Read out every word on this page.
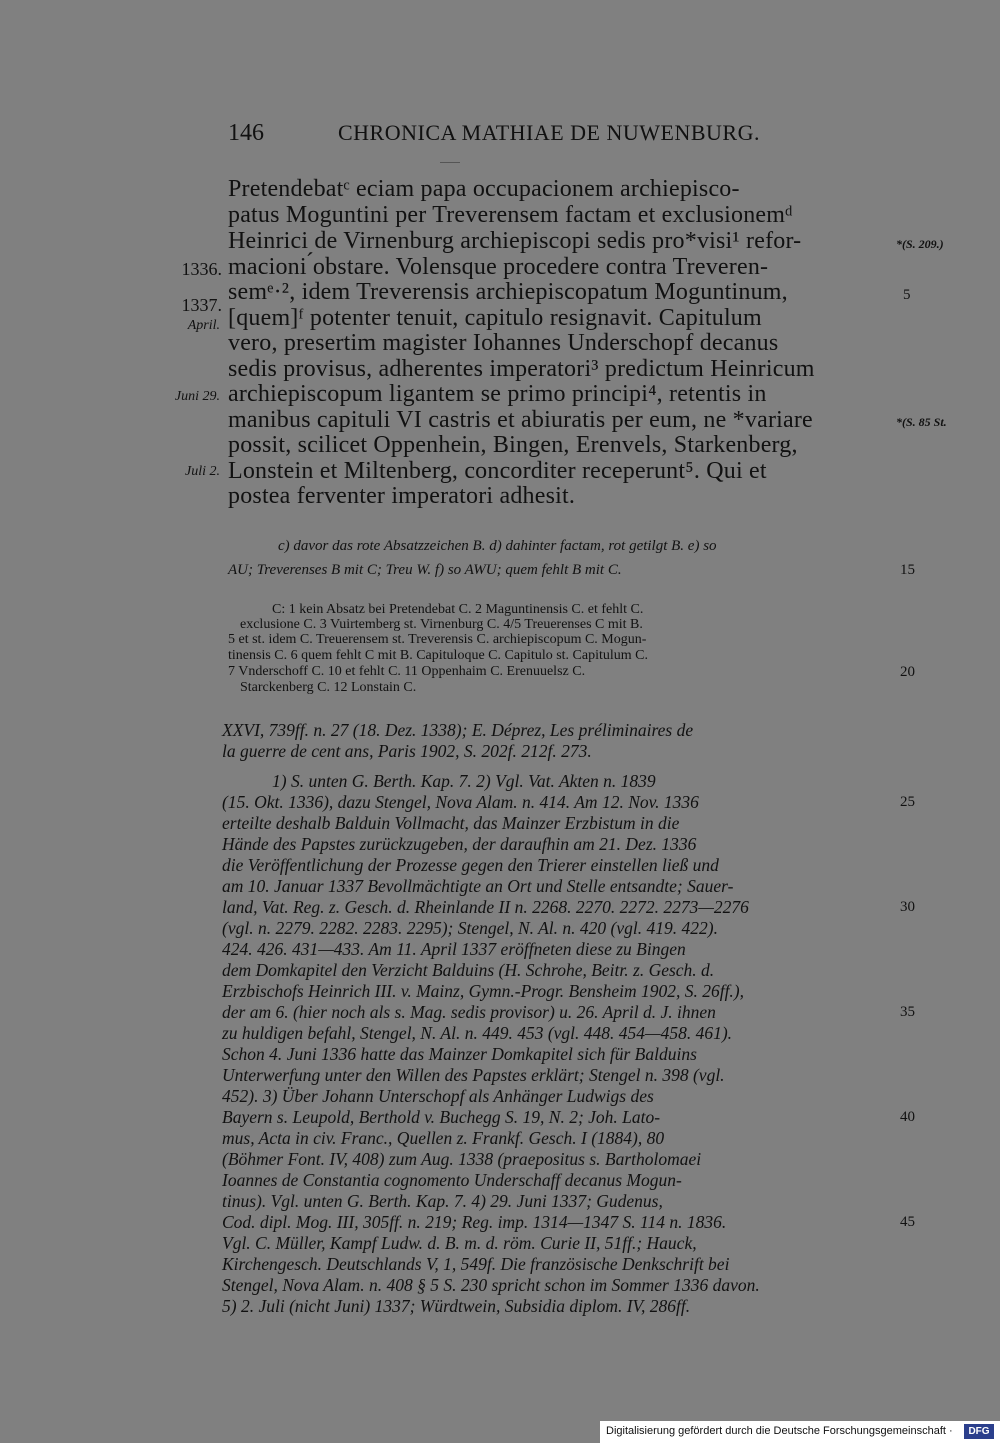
146	CHRONICA MATHIAE DE NUWENBURG.
Pretendebatᶜ eciam papa occupacionem archiepisco-
patus Moguntini per Treverensem factam et exclusionemᵈ
Heinrici de Virnenburg archiepiscopi sedis pro*visi¹ refor-
macioni ́obstare. Volensque procedere contra Treveren-
semᵉ·², idem Treverensis archiepiscopatum Moguntinum,
[quem]ᶠ potenter tenuit, capitulo resignavit. Capitulum
vero, presertim magister Iohannes Underschopf decanus
sedis provisus, adherentes imperatori³ predictum Heinricum
archiepiscopum ligantem se primo principi⁴, retentis in
manibus capituli VI castris et abiuratis per eum, ne *variare
possit, scilicet Oppenhein, Bingen, Erenvels, Starkenberg,
Lonstein et Miltenberg, concorditer receperunt⁵. Qui et
postea ferventer imperatori adhesit.
1336.
1337.
April.
Juni 29.
Juli 2.
*(S. 209.)
5
*(S. 85 St.
c) davor das rote Absatzzeichen B. d) dahinter factam, rot getilgt B. e) so
AU; Treverenses B mit C; Treu W. f) so AWU; quem fehlt B mit C.	15
C: 1 kein Absatz bei Pretendebat C. 2 Maguntinensis C. et fehlt C.
exclusione C. 3 Vuirtemberg st. Virnenburg C. 4/5 Treuerenses C mit B.
5 et st. idem C. Treuerensem st. Treverensis C. archiepiscopum C. Mogun-
tinensis C. 6 quem fehlt C mit B. Capituloque C. Capitulo st. Capitulum C.
7 Vnderschoff C. 10 et fehlt C. 11 Oppenhaim C. Erenuuelsz C.	20
Starckenberg C. 12 Lonstain C.
XXVI, 739ff. n. 27 (18. Dez. 1338); E. Déprez, Les préliminaires de
la guerre de cent ans, Paris 1902, S. 202f. 212f. 273.
1) S. unten G. Berth. Kap. 7. 2) Vgl. Vat. Akten n. 1839
(15. Okt. 1336), dazu Stengel, Nova Alam. n. 414. Am 12. Nov. 1336
erteilte deshalb Balduin Vollmacht, das Mainzer Erzbistum in die
Hände des Papstes zurückzugeben, der daraufhin am 21. Dez. 1336
die Veröffentlichung der Prozesse gegen den Trierer einstellen ließ und
am 10. Januar 1337 Bevollmächtigte an Ort und Stelle entsandte; Sauer-
land, Vat. Reg. z. Gesch. d. Rheinlande II n. 2268. 2270. 2272. 2273—2276
(vgl. n. 2279. 2282. 2283. 2295); Stengel, N. Al. n. 420 (vgl. 419. 422).
424. 426. 431—433. Am 11. April 1337 eröffneten diese zu Bingen
dem Domkapitel den Verzicht Balduins (H. Schrohe, Beitr. z. Gesch. d.
Erzbischofs Heinrich III. v. Mainz, Gymn.-Progr. Bensheim 1902, S. 26ff.),
der am 6. (hier noch als s. Mag. sedis provisor) u. 26. April d. J. ihnen
zu huldigen befahl, Stengel, N. Al. n. 449. 453 (vgl. 448. 454—458. 461).
Schon 4. Juni 1336 hatte das Mainzer Domkapitel sich für Balduins
Unterwerfung unter den Willen des Papstes erklärt; Stengel n. 398 (vgl.
452). 3) Über Johann Unterschopf als Anhänger Ludwigs des
Bayern s. Leupold, Berthold v. Buchegg S. 19, N. 2; Joh. Lato-
mus, Acta in civ. Franc., Quellen z. Frankf. Gesch. I (1884), 80
(Böhmer Font. IV, 408) zum Aug. 1338 (praepositus s. Bartholomaei
Ioannes de Constantia cognomento Underschaff decanus Mogun-
tinus). Vgl. unten G. Berth. Kap. 7. 4) 29. Juni 1337; Gudenus,
Cod. dipl. Mog. III, 305ff. n. 219; Reg. imp. 1314—1347 S. 114 n. 1836.
Vgl. C. Müller, Kampf Ludw. d. B. m. d. röm. Curie II, 51ff.; Hauck,
Kirchengesch. Deutschlands V, 1, 549f. Die französische Denkschrift bei
Stengel, Nova Alam. n. 408 § 5 S. 230 spricht schon im Sommer 1336 davon.
5) 2. Juli (nicht Juni) 1337; Würdtwein, Subsidia diplom. IV, 286ff.
25
30
35
40
45
Digitalisierung gefördert durch die Deutsche Forschungsgemeinschaft ·	DFG
